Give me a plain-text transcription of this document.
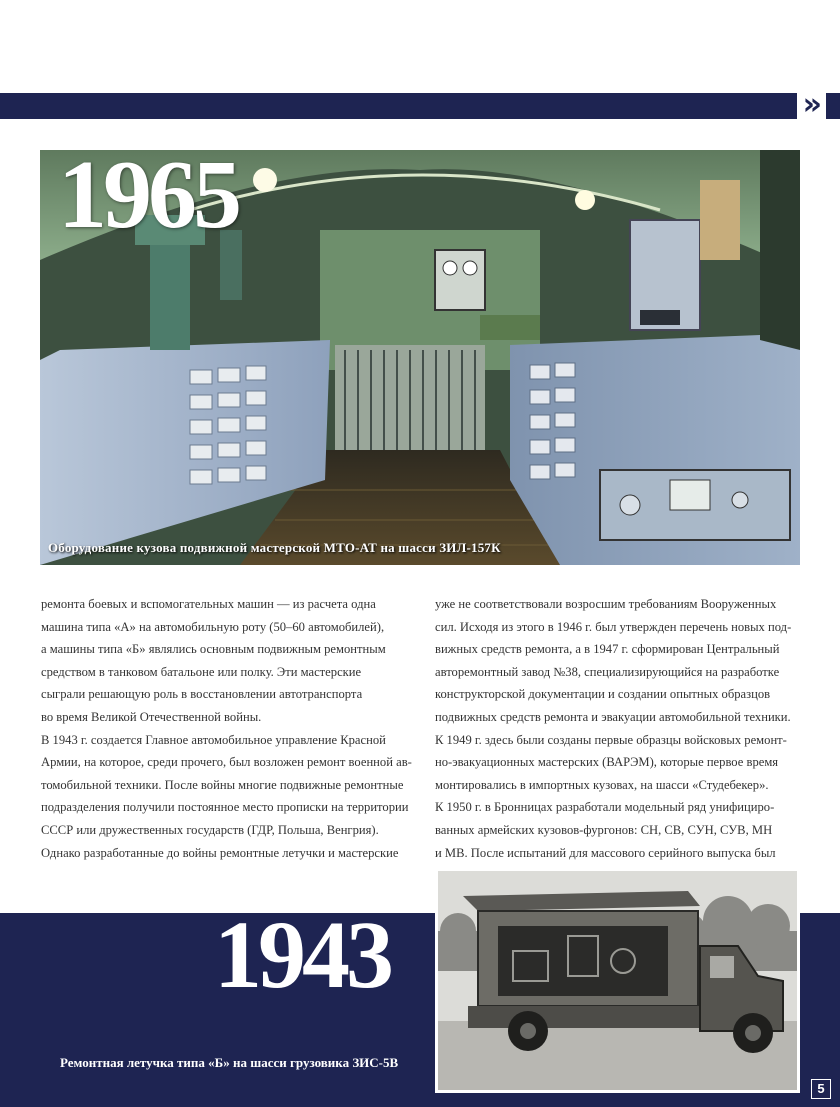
»
1965
Оборудование кузова подвижной мастерской МТО-АТ на шасси ЗИЛ-157К

ремонта боевых и вспомогательных машин — из расчета одна

машина типа «А» на автомобильную роту (50–60 автомобилей),

а машины типа «Б» являлись основным подвижным ремонтным

средством в танковом батальоне или полку. Эти мастерские

сыграли решающую роль в восстановлении автотранспорта

во время Великой Отечественной войны.

В 1943 г. создается Главное автомобильное управление Красной

Армии, на которое, среди прочего, был возложен ремонт военной ав-

томобильной техники. После войны многие подвижные ремонтные

подразделения получили постоянное место прописки на территории

СССР или дружественных государств (ГДР, Польша, Венгрия).

Однако разработанные до войны ремонтные летучки и мастерские

уже не соответствовали возросшим требованиям Вооруженных

сил. Исходя из этого в 1946 г. был утвержден перечень новых под-

вижных средств ремонта, а в 1947 г. сформирован Центральный

авторемонтный завод №38, специализирующийся на разработке

конструкторской документации и создании опытных образцов

подвижных средств ремонта и эвакуации автомобильной техники.

К 1949 г. здесь были созданы первые образцы войсковых ремонт-

но-эвакуационных мастерских (ВАРЭМ), которые первое время

монтировались в импортных кузовах, на шасси «Студебекер».

К 1950 г. в Бронницах разработали модельный ряд унифициро-

ванных армейских кузовов-фургонов: СН, СВ, СУН, СУВ, МН

и МВ. После испытаний для массового серийного выпуска был

1943
Ремонтная летучка типа «Б» на шасси грузовика ЗИС-5В
5
